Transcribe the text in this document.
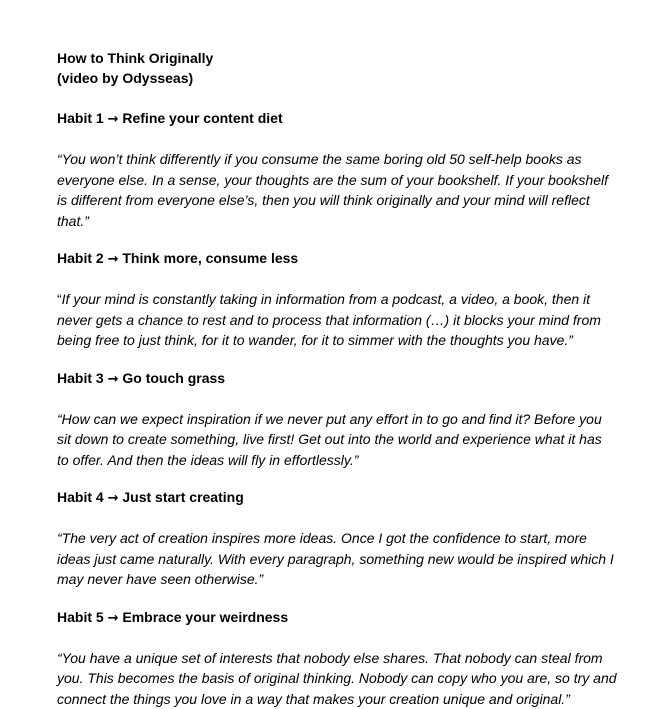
How to Think Originally
(video by Odysseas)

Habit 1 → Refine your content diet

“You won’t think differently if you consume the same boring old 50 self-help books as everyone else. In a sense, your thoughts are the sum of your bookshelf. If your bookshelf is different from everyone else’s, then you will think originally and your mind will reflect that.”

Habit 2 → Think more, consume less

“If your mind is constantly taking in information from a podcast, a video, a book, then it never gets a chance to rest and to process that information (…) it blocks your mind from being free to just think, for it to wander, for it to simmer with the thoughts you have.”

Habit 3 → Go touch grass

“How can we expect inspiration if we never put any effort in to go and find it? Before you sit down to create something, live first! Get out into the world and experience what it has to offer. And then the ideas will fly in effortlessly.”

Habit 4 → Just start creating

“The very act of creation inspires more ideas. Once I got the confidence to start, more ideas just came naturally. With every paragraph, something new would be inspired which I may never have seen otherwise.”

Habit 5 → Embrace your weirdness

“You have a unique set of interests that nobody else shares. That nobody can steal from you. This becomes the basis of original thinking. Nobody can copy who you are, so try and connect the things you love in a way that makes your creation unique and original.”
